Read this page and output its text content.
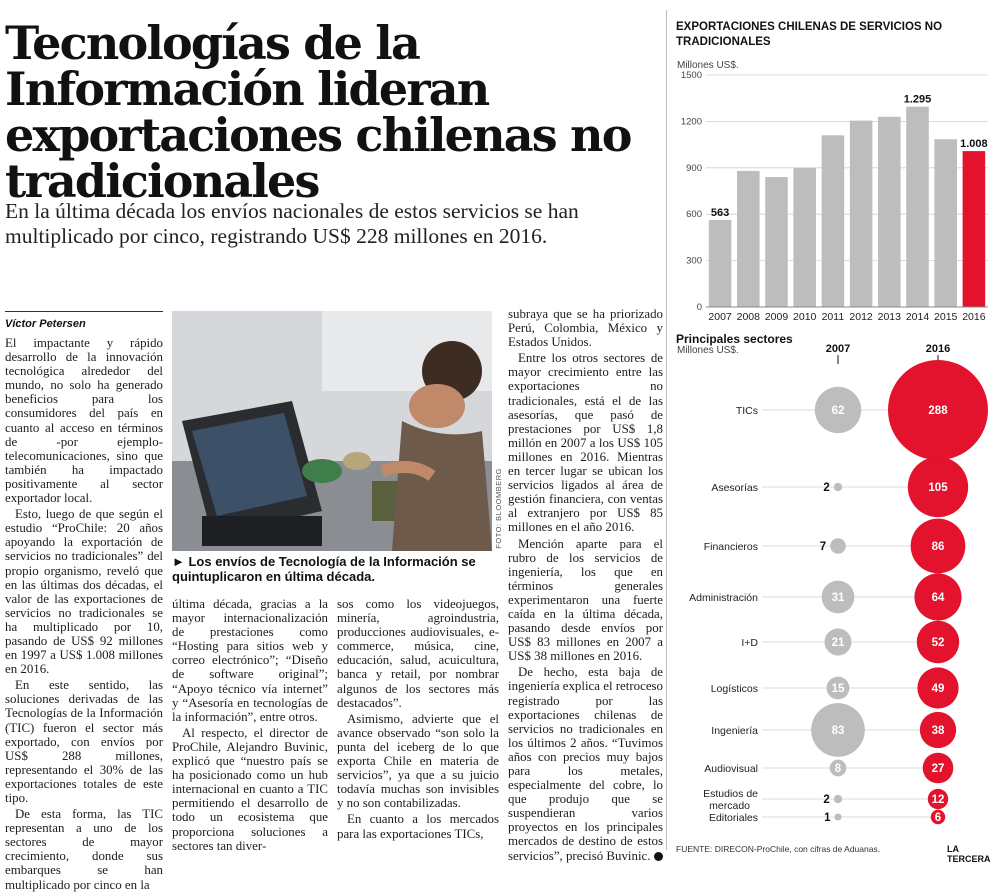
Tecnologías de la Información lideran exportaciones chilenas no tradicionales

En la última década los envíos nacionales de estos servicios se han multiplicado por cinco, registrando US$ 228 millones en 2016.

Víctor Petersen

El impactante y rápido desarrollo de la innovación tecnológica alrededor del mundo, no solo ha generado beneficios para los consumidores del país en cuanto al acceso en términos de -por ejemplo- telecomunicaciones, sino que también ha impactado positivamente al sector exportador local.

Esto, luego de que según el estudio “ProChile: 20 años apoyando la exportación de servicios no tradicionales” del propio organismo, reveló que en las últimas dos décadas, el valor de las exportaciones de servicios no tradicionales se ha multiplicado por 10, pasando de US$ 92 millones en 1997 a US$ 1.008 millones en 2016.

En este sentido, las soluciones derivadas de las Tecnologías de la Información (TIC) fueron el sector más exportado, con envíos por US$ 288 millones, representando el 30% de las exportaciones totales de este tipo.

De esta forma, las TIC representan a uno de los sectores de mayor crecimiento, donde sus embarques se han multiplicado por cinco en la

FOTO: BLOOMBERG
► Los envíos de Tecnología de la Información se quintuplicaron en última década.

última década, gracias a la mayor internacionalización de prestaciones como “Hosting para sitios web y correo electrónico”; “Diseño de software original”; “Apoyo técnico vía internet” y “Asesoría en tecnologías de la información”, entre otros.

Al respecto, el director de ProChile, Alejandro Buvinic, explicó que “nuestro país se ha posicionado como un hub internacional en cuanto a TIC permitiendo el desarrollo de todo un ecosistema que proporciona soluciones a sectores tan diver-

sos como los videojuegos, minería, agroindustria, producciones audiovisuales, e-commerce, música, cine, educación, salud, acuicultura, banca y retail, por nombrar algunos de los sectores más destacados”.

Asimismo, advierte que el avance observado “son solo la punta del iceberg de lo que exporta Chile en materia de servicios”, ya que a su juicio todavía muchas son invisibles y no son contabilizadas.

En cuanto a los mercados para las exportaciones TICs,

subraya que se ha priorizado Perú, Colombia, México y Estados Unidos.

Entre los otros sectores de mayor crecimiento entre las exportaciones no tradicionales, está el de las asesorías, que pasó de prestaciones por US$ 1,8 millón en 2007 a los US$ 105 millones en 2016. Mientras en tercer lugar se ubican los servicios ligados al área de gestión financiera, con ventas al extranjero por US$ 85 millones en el año 2016.

Mención aparte para el rubro de los servicios de ingeniería, los que en términos generales experimentaron una fuerte caída en la última década, pasando desde envíos por US$ 83 millones en 2007 a US$ 38 millones en 2016.

De hecho, esta baja de ingeniería explica el retroceso registrado por las exportaciones chilenas de servicios no tradicionales en los últimos 2 años. “Tuvimos años con precios muy bajos para los metales, especialmente del cobre, lo que produjo que se suspendieran varios proyectos en los principales mercados de destino de estos servicios”, precisó Buvinic.

EXPORTACIONES CHILENAS DE SERVICIOS NO TRADICIONALES
Millones US$.
0
300
600
900
1200
1500
2007
563
2008 2009 2010 2011 2012 2013 2014
1.295
2015 2016
1.008
Principales sectores
Millones US$.	2007	2016
TICs	62	288
Asesorías	2	105
Financieros	7	86
Administración	31	64
I+D	21	52
Logísticos	15	49
Ingeniería	83	38
Audiovisual	8	27
Estudios de mercado	2	12
Editoriales	1	6
FUENTE: DIRECON-ProChile, con cifras de Aduanas.	LA TERCERA
